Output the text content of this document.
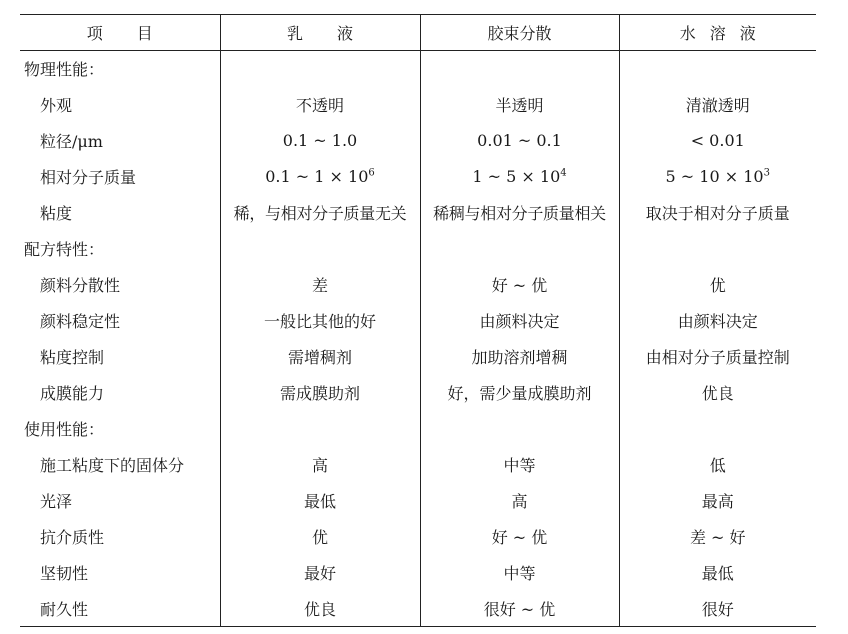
项 目	乳 液	胶束分散	水 溶 液
物理性能：			
外观	不透明	半透明	清澈透明
粒径/μm	0.1 ~ 1.0	0.01 ~ 0.1	< 0.01
相对分子质量	0.1 ~ $1 \times 10^6$	1 ~ $5 \times 10^4$	5 ~ $10 \times 10^3$
粘度	稀，与相对分子质量无关	稀稠与相对分子质量相关	取决于相对分子质量
配方特性：			
颜料分散性	差	好 ~ 优	优
颜料稳定性	一般比其他的好	由颜料决定	由颜料决定
粘度控制	需增稠剂	加助溶剂增稠	由相对分子质量控制
成膜能力	需成膜助剂	好，需少量成膜助剂	优良
使用性能：			
施工粘度下的固体分	高	中等	低
光泽	最低	高	最高
抗介质性	优	好 ~ 优	差 ~ 好
坚韧性	最好	中等	最低
耐久性	优良	很好 ~ 优	很好
